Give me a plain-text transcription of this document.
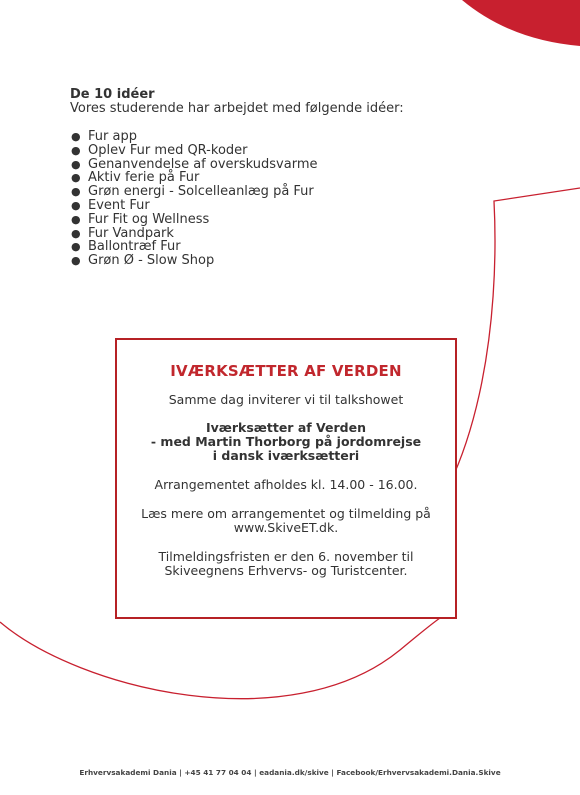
De 10 idéer
Vores studerende har arbejdet med følgende idéer:
● Fur app
● Oplev Fur med QR-koder
● Genanvendelse af overskudsvarme
● Aktiv ferie på Fur
● Grøn energi - Solcelleanlæg på Fur
● Event Fur
● Fur Fit og Wellness
● Fur Vandpark
● Ballontræf Fur
● Grøn Ø - Slow Shop
IVÆRKSÆTTER AF VERDEN
Samme dag inviterer vi til talkshowet
Iværksætter af Verden
- med Martin Thorborg på jordomrejse
i dansk iværksætteri
Arrangementet afholdes kl. 14.00 - 16.00.
Læs mere om arrangementet og tilmelding på
www.SkiveET.dk.
Tilmeldingsfristen er den 6. november til
Skiveegnens Erhvervs- og Turistcenter.
Erhvervsakademi Dania | +45 41 77 04 04 | eadania.dk/skive | Facebook/Erhvervsakademi.Dania.Skive
